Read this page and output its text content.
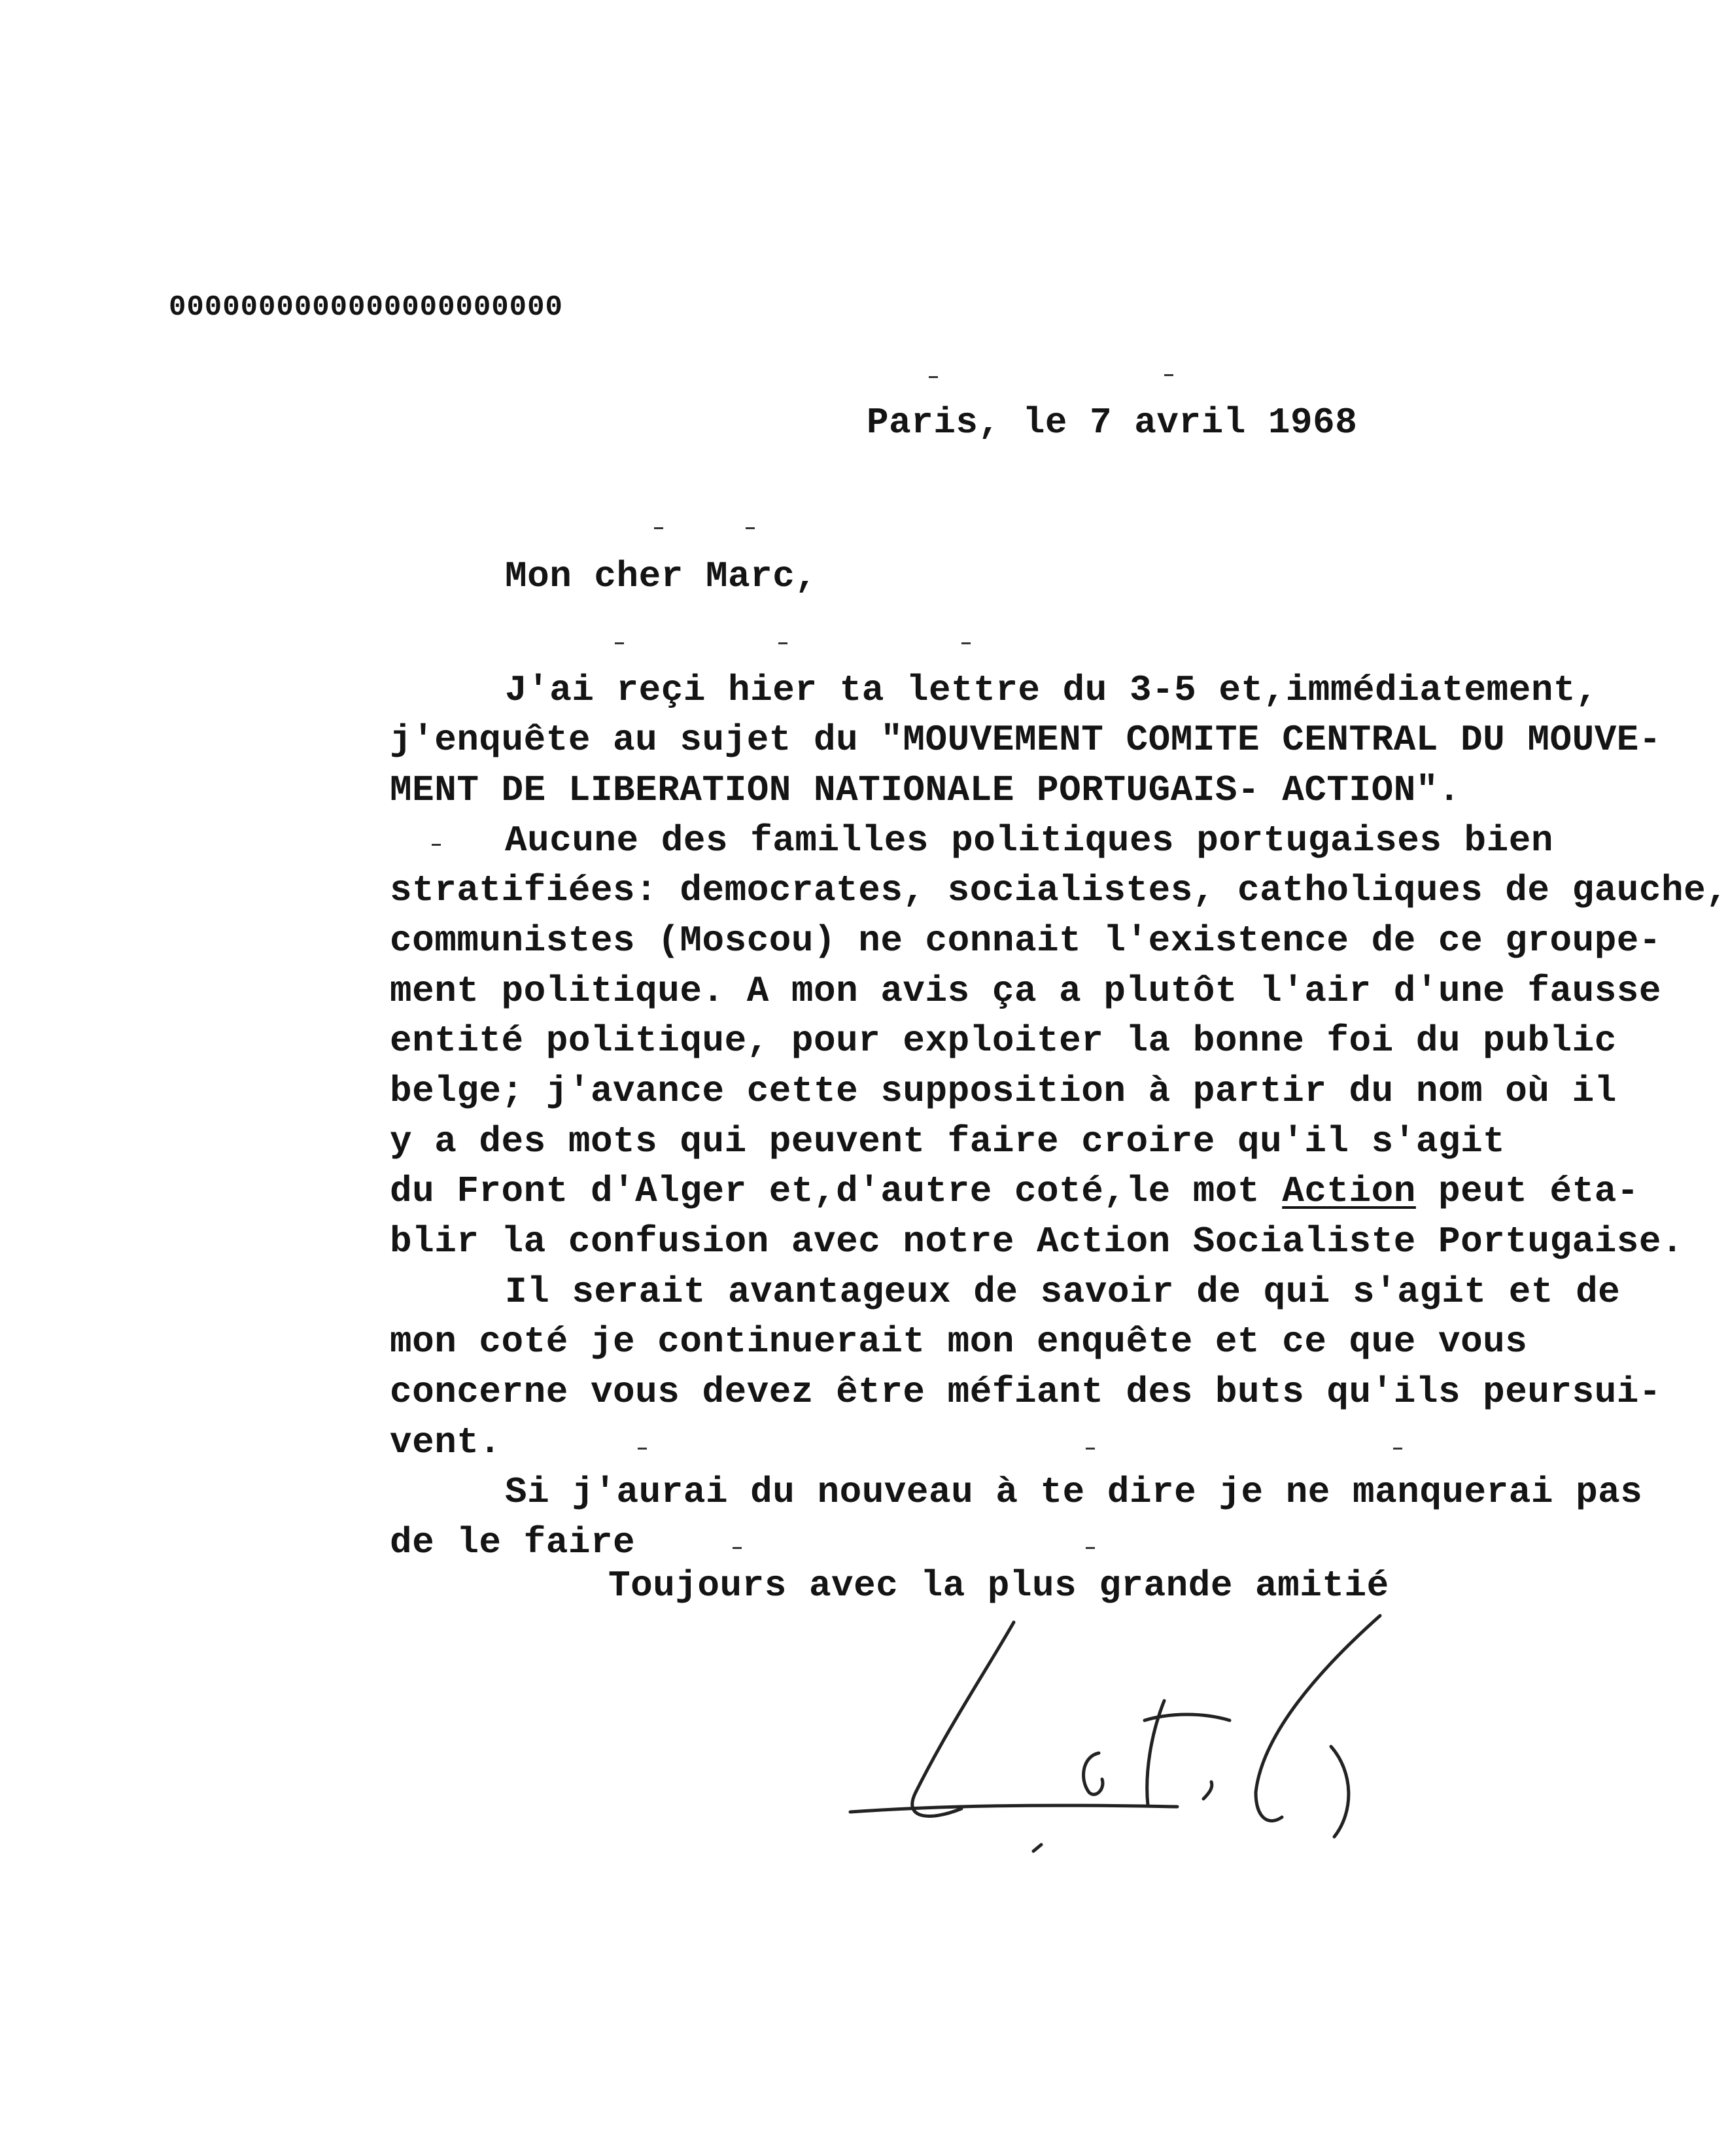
0000000000000000000000
Paris, le 7 avril 1968
Mon cher Marc,
J'ai reçi hier ta lettre du 3-5 et,immédiatement,
j'enquête au sujet du "MOUVEMENT COMITE CENTRAL DU MOUVE-
MENT DE LIBERATION NATIONALE PORTUGAIS- ACTION".
Aucune des familles politiques portugaises bien
stratifiées: democrates, socialistes, catholiques de gauche,
communistes (Moscou) ne connait l'existence de ce groupe-
ment politique. A mon avis ça a plutôt l'air d'une fausse
entité politique, pour exploiter la bonne foi du public
belge; j'avance cette supposition à partir du nom où il
y a des mots qui peuvent faire croire qu'il s'agit
du Front d'Alger et,d'autre coté,le mot Action peut éta-
blir la confusion avec notre Action Socialiste Portugaise.
Il serait avantageux de savoir de qui s'agit et de
mon coté je continuerait mon enquête et ce que vous
concerne vous devez être méfiant des buts qu'ils peursui-
vent.
Si j'aurai du nouveau à te dire je ne manquerai pas
de le faire
Toujours avec la plus grande amitié
